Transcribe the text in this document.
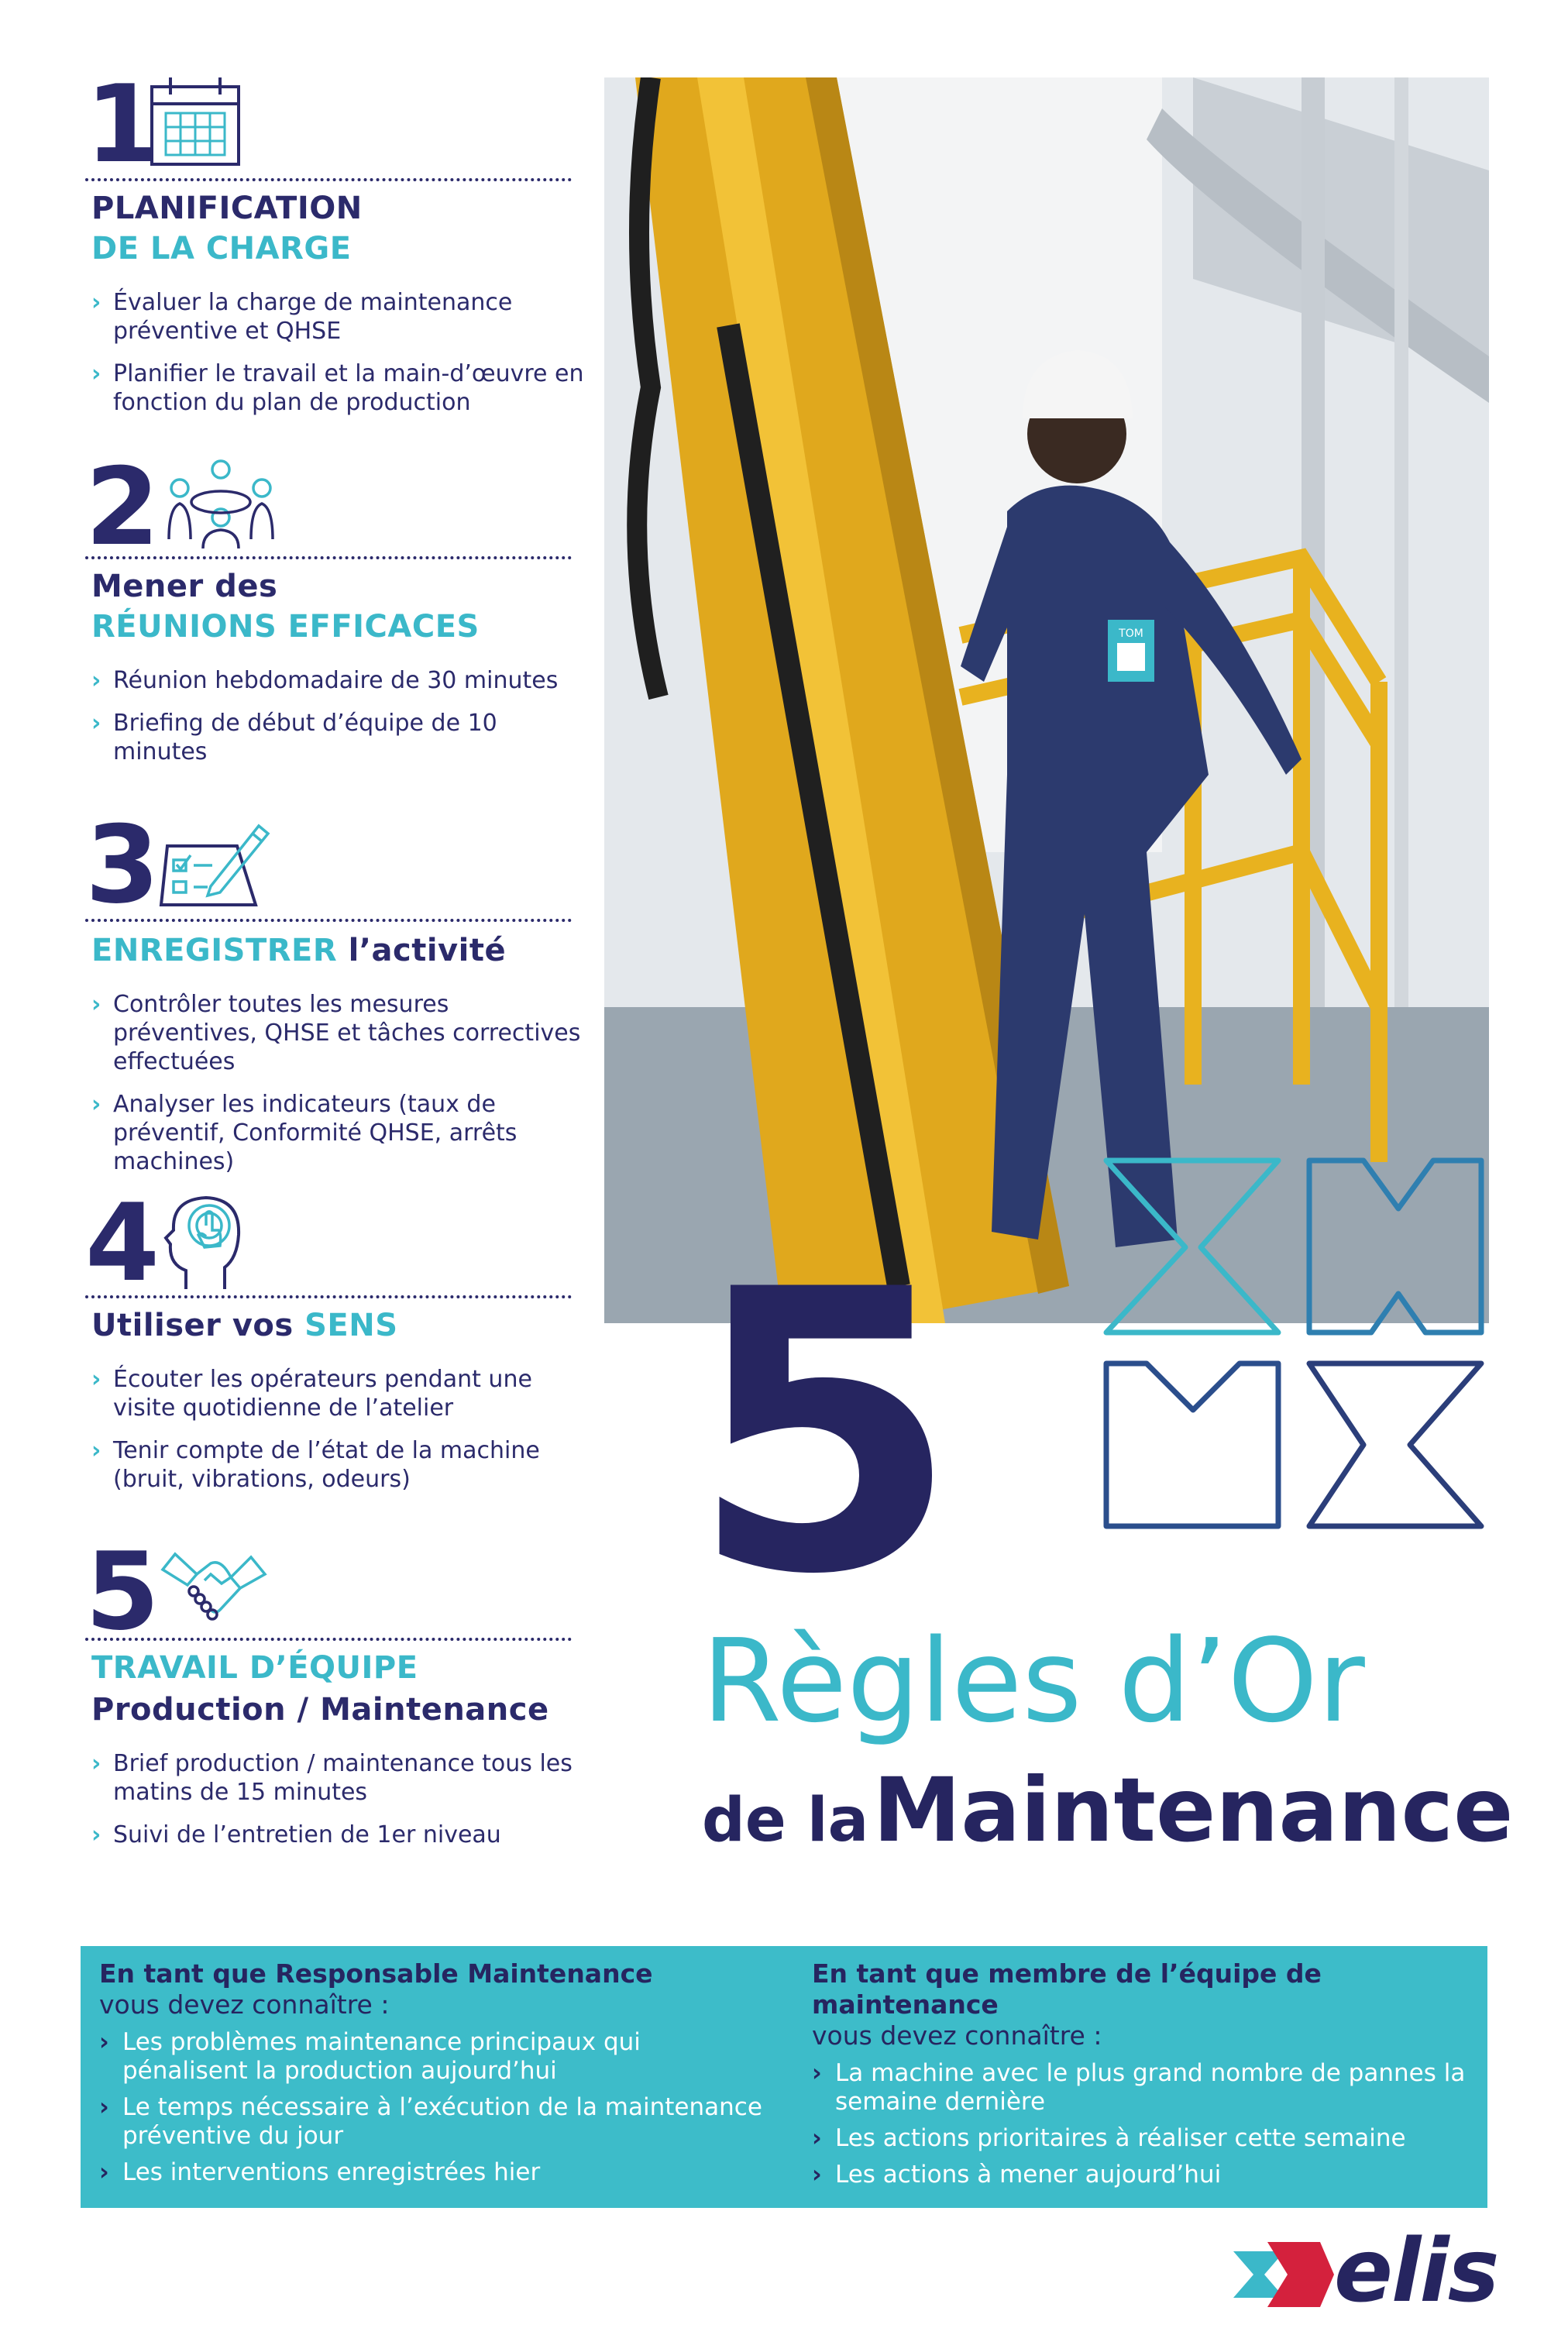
1
PLANIFICATION
DE LA CHARGE
› Évaluer la charge de maintenance préventive et QHSE
› Planifier le travail et la main-d’œuvre en fonction du plan de production
2
Mener des
RÉUNIONS EFFICACES
› Réunion hebdomadaire de 30 minutes
› Briefing de début d’équipe de 10 minutes
3
ENREGISTRER l’activité
› Contrôler toutes les mesures préventives, QHSE et tâches correctives effectuées
› Analyser les indicateurs (taux de préventif, Conformité QHSE, arrêts machines)
4
Utiliser vos SENS
› Écouter les opérateurs pendant une visite quotidienne de l’atelier
› Tenir compte de l’état de la machine (bruit, vibrations, odeurs)
5
TRAVAIL D’ÉQUIPE
Production / Maintenance
› Brief production / maintenance tous les matins de 15 minutes
› Suivi de l’entretien de 1er niveau
TOM
5
Règles d’Or
de la Maintenance
En tant que Responsable Maintenance
vous devez connaître :
› Les problèmes maintenance principaux qui pénalisent la production aujourd’hui
› Le temps nécessaire à l’exécution de la maintenance préventive du jour
› Les interventions enregistrées hier
En tant que membre de l’équipe de maintenance
vous devez connaître :
› La machine avec le plus grand nombre de pannes la semaine dernière
› Les actions prioritaires à réaliser cette semaine
› Les actions à mener aujourd’hui
elis
